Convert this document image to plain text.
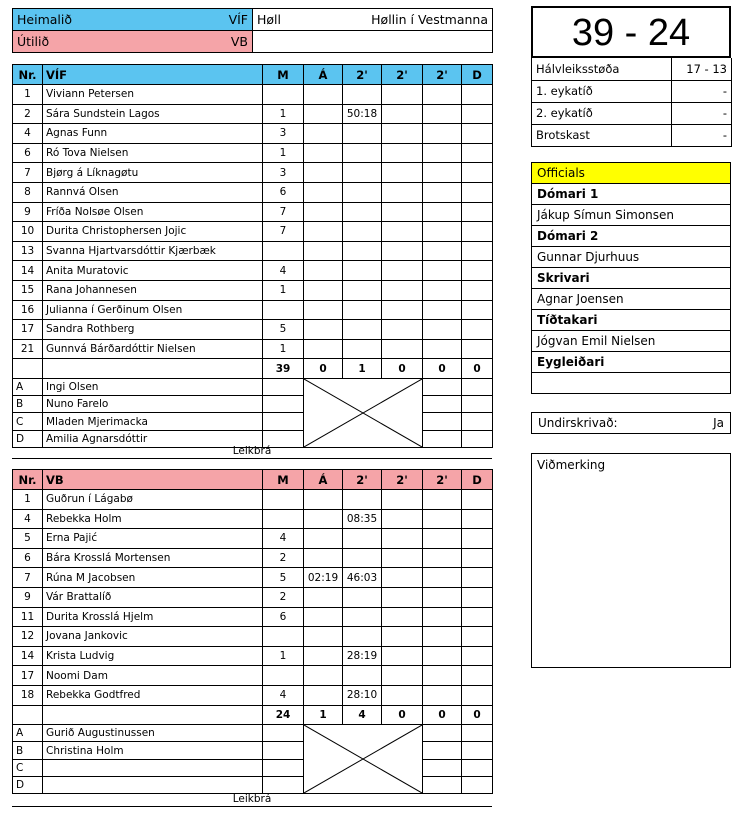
Heimalið VÍF	Høll Høllin í Vestmanna

Útilið VB	

Nr.	VÍF	M	Á	2'	2'	2'	D
1	Viviann Petersen						
2	Sára Sundstein Lagos	1		50:18			
4	Agnas Funn	3					
6	Ró Tova Nielsen	1					
7	Bjørg á Líknagøtu	3					
8	Rannvá Olsen	6					
9	Fríða Nolsøe Olsen	7					
10	Durita Christophersen Jojic	7					
13	Svanna Hjartvarsdóttir Kjærbæk						
14	Anita Muratovic	4					
15	Rana Johannesen	1					
16	Julianna í Gerðinum Olsen						
17	Sandra Rothberg	5					
21	Gunnvá Bárðardóttir Nielsen	1					
		39	0	1	0	0	0
A	Ingi Olsen		

B	Nuno Farelo						
C	Mladen Mjerimacka						
D	Amilia Agnarsdóttir						
Leikbrá
Nr.	VB	M	Á	2'	2'	2'	D
1	Guðrun í Lágabø						
4	Rebekka Holm			08:35			
5	Erna Pajić	4					
6	Bára Krosslá Mortensen	2					
7	Rúna M Jacobsen	5	02:19	46:03			
9	Vár Brattalíð	2					
11	Durita Krosslá Hjelm	6					
12	Jovana Jankovic						
14	Krista Ludvig	1		28:19			
17	Noomi Dam						
18	Rebekka Godtfred	4		28:10			
		24	1	4	0	0	0
A	Gurið Augustinussen		

B	Christina Holm						
C							
D							
Leikbrá
39 - 24
Hálvleiksstøða	17 - 13
1. eykatíð	-
2. eykatíð	-
Brotskast	-
Officials
Dómari 1
Jákup Símun Simonsen
Dómari 2
Gunnar Djurhuus
Skrivari
Agnar Joensen
Tíðtakari
Jógvan Emil Nielsen
Eygleiðari

Undirskrivað:	Ja
Viðmerking
